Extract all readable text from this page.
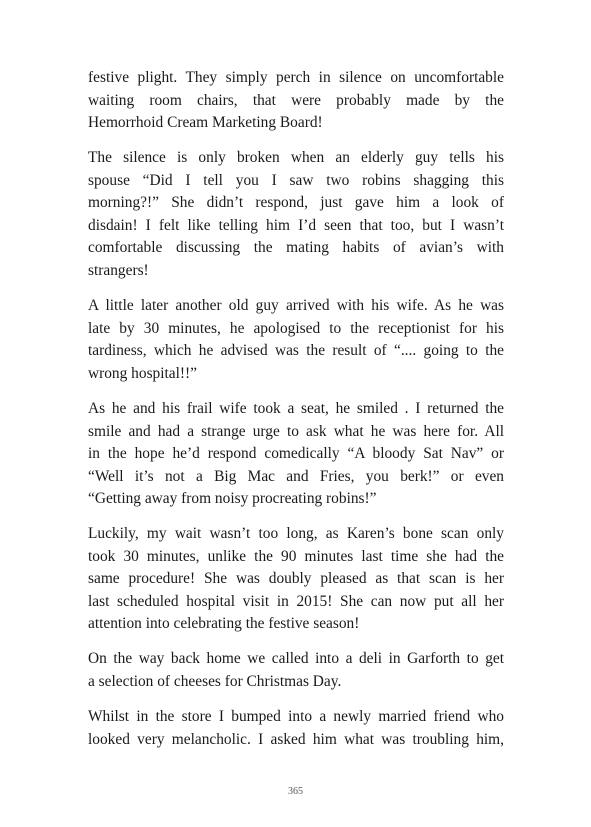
festive plight. They simply perch in silence on uncomfortable
waiting room chairs, that were probably made by the
Hemorrhoid Cream Marketing Board!

The silence is only broken when an elderly guy tells his
spouse “Did I tell you I saw two robins shagging this
morning?!” She didn’t respond, just gave him a look of
disdain! I felt like telling him I’d seen that too, but I wasn’t
comfortable discussing the mating habits of avian’s with
strangers!

A little later another old guy arrived with his wife. As he was
late by 30 minutes, he apologised to the receptionist for his
tardiness, which he advised was the result of “.... going to the
wrong hospital!!”

As he and his frail wife took a seat, he smiled . I returned the
smile and had a strange urge to ask what he was here for. All
in the hope he’d respond comedically “A bloody Sat Nav” or
“Well it’s not a Big Mac and Fries, you berk!” or even
“Getting away from noisy procreating robins!”

Luckily, my wait wasn’t too long, as Karen’s bone scan only
took 30 minutes, unlike the 90 minutes last time she had the
same procedure! She was doubly pleased as that scan is her
last scheduled hospital visit in 2015! She can now put all her
attention into celebrating the festive season!

On the way back home we called into a deli in Garforth to get
a selection of cheeses for Christmas Day.

Whilst in the store I bumped into a newly married friend who
looked very melancholic. I asked him what was troubling him,

365
